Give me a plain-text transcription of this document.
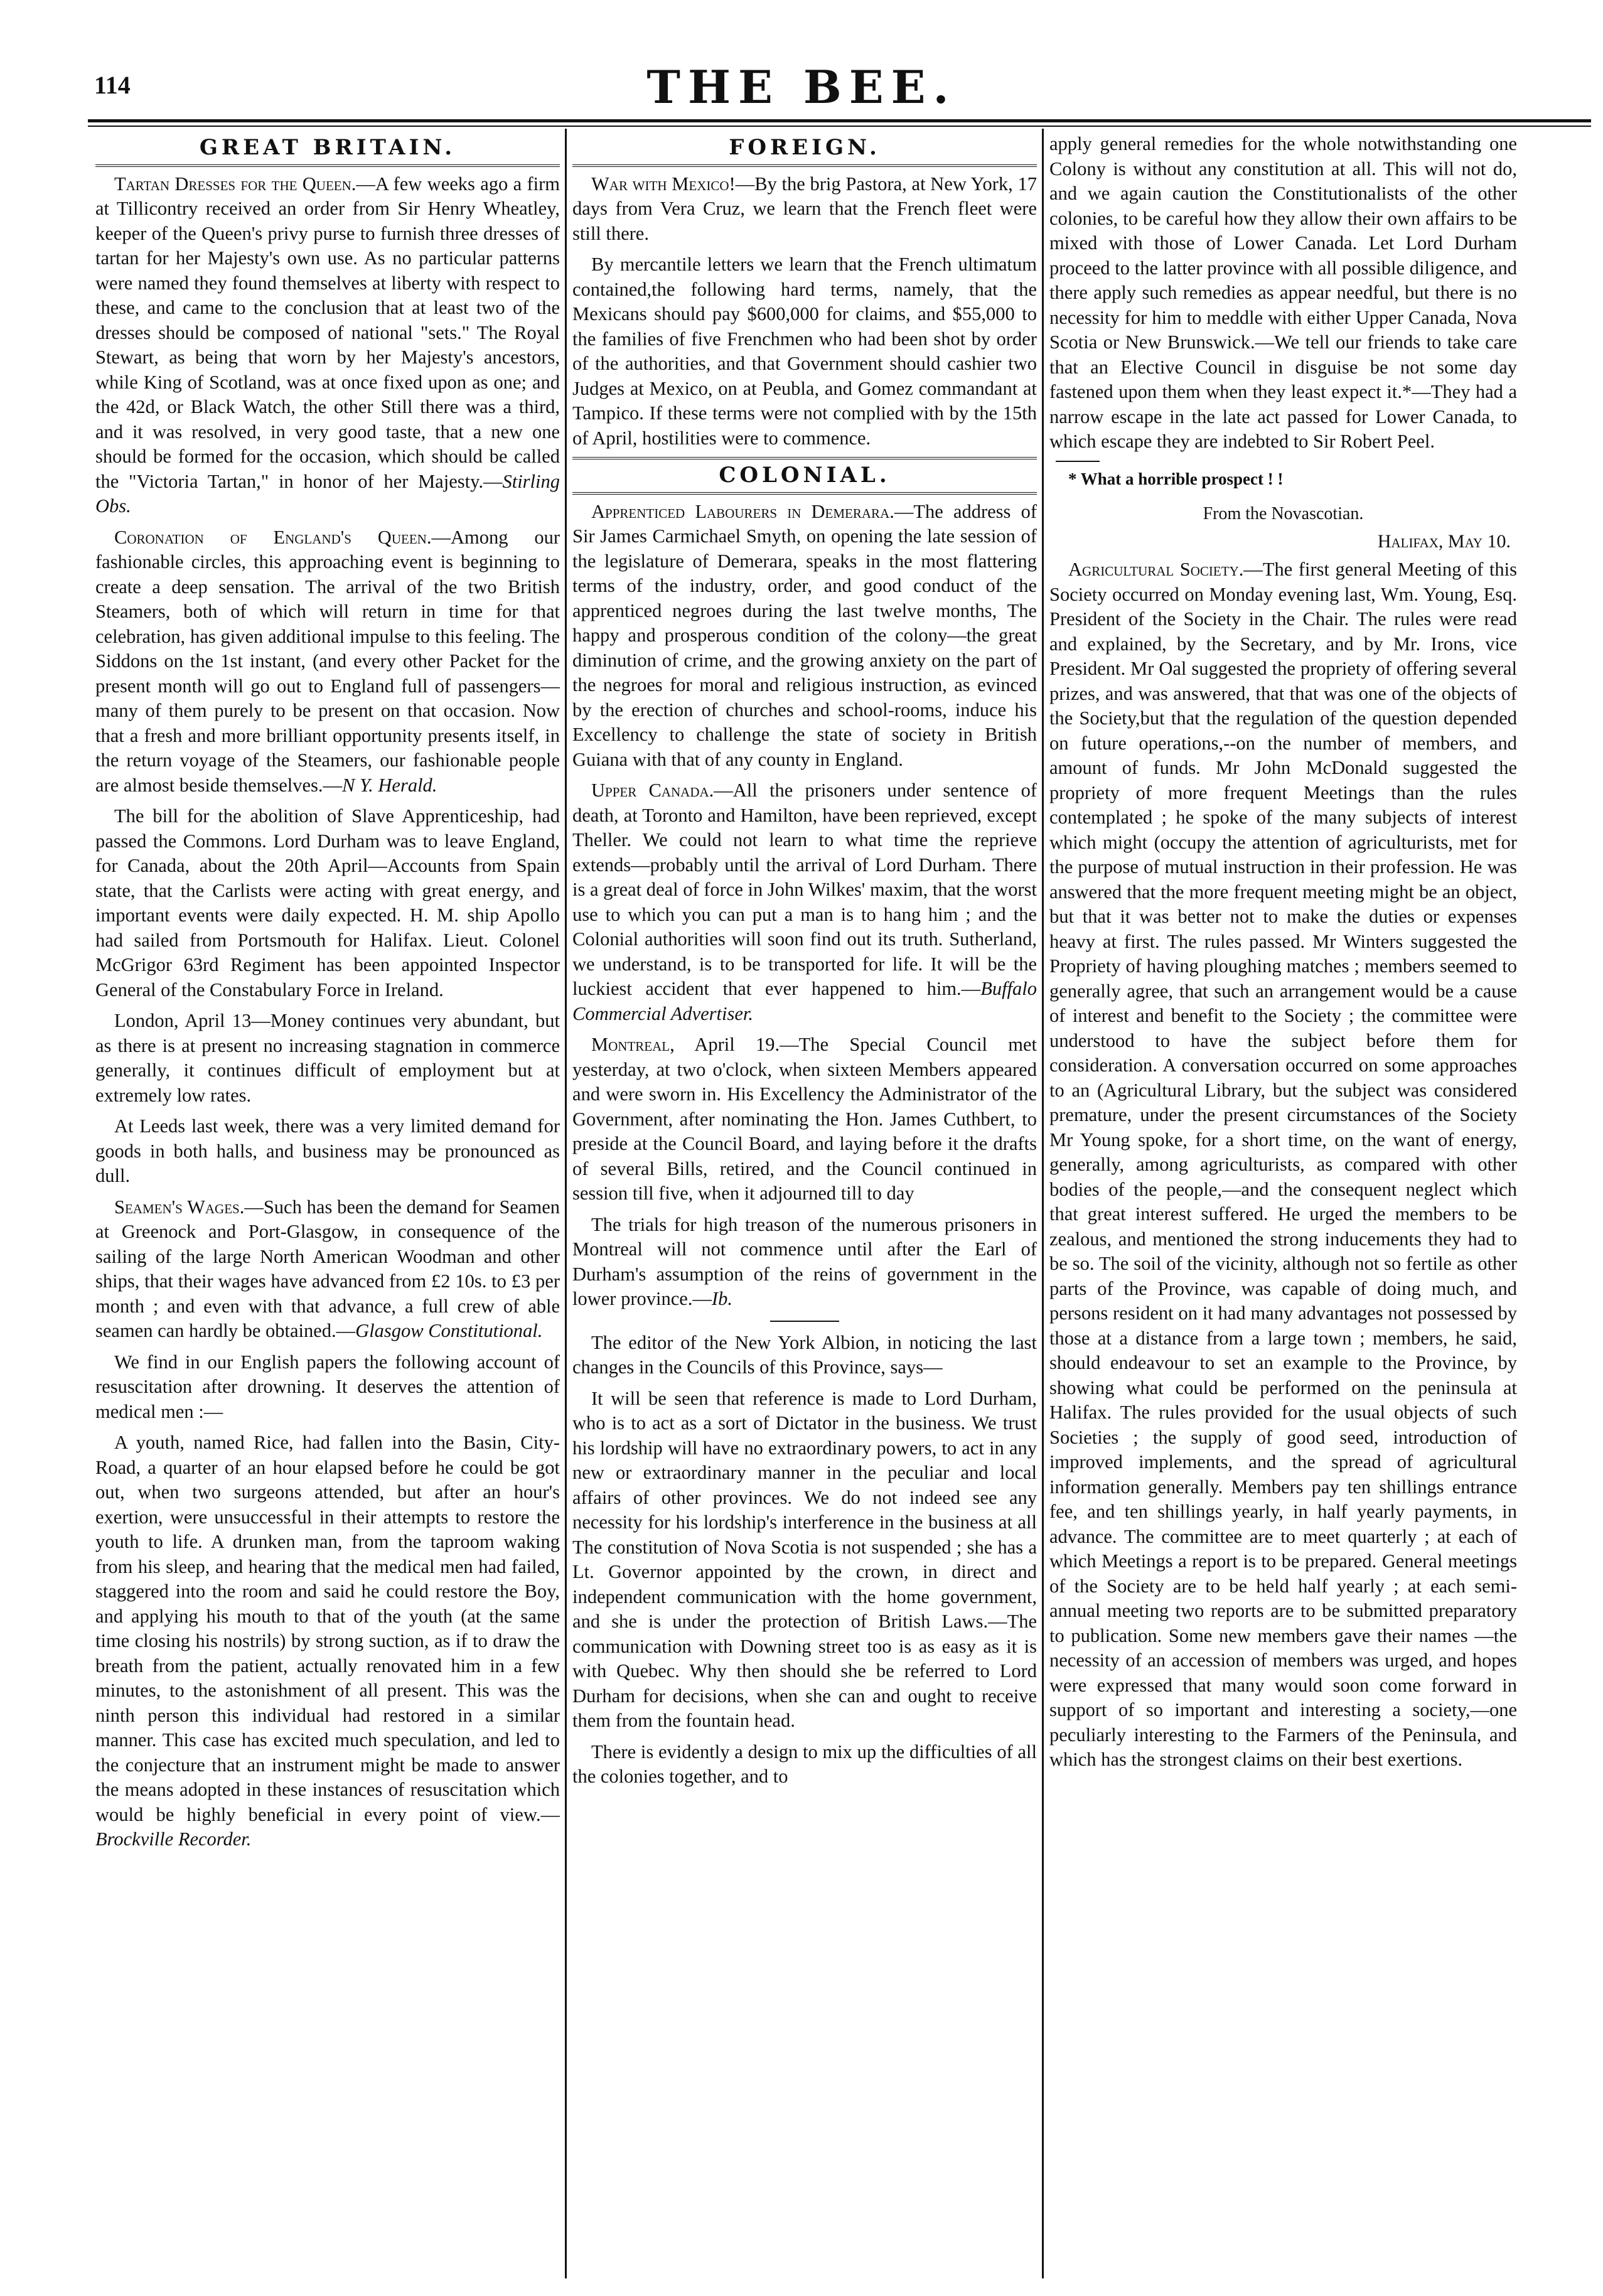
114	THE BEE.
GREAT BRITAIN.

Tartan Dresses for the Queen.—A few weeks ago a firm at Tillicontry received an order from Sir Henry Wheatley, keeper of the Queen's privy purse to furnish three dresses of tartan for her Majesty's own use. As no particular patterns were named they found themselves at liberty with respect to these, and came to the conclusion that at least two of the dresses should be composed of national "sets." The Royal Stewart, as being that worn by her Majesty's ancestors, while King of Scotland, was at once fixed upon as one; and the 42d, or Black Watch, the other Still there was a third, and it was resolved, in very good taste, that a new one should be formed for the occasion, which should be called the "Victoria Tartan," in honor of her Majesty.—Stirling Obs.

Coronation of England's Queen.—Among our fashionable circles, this approaching event is beginning to create a deep sensation. The arrival of the two British Steamers, both of which will return in time for that celebration, has given additional impulse to this feeling. The Siddons on the 1st instant, (and every other Packet for the present month will go out to England full of passengers—many of them purely to be present on that occasion. Now that a fresh and more brilliant opportunity presents itself, in the return voyage of the Steamers, our fashionable people are almost beside themselves.—N Y. Herald.

The bill for the abolition of Slave Apprenticeship, had passed the Commons. Lord Durham was to leave England, for Canada, about the 20th April—Accounts from Spain state, that the Carlists were acting with great energy, and important events were daily expected. H. M. ship Apollo had sailed from Portsmouth for Halifax. Lieut. Colonel McGrigor 63rd Regiment has been appointed Inspector General of the Constabulary Force in Ireland.

London, April 13—Money continues very abundant, but as there is at present no increasing stagnation in commerce generally, it continues difficult of employment but at extremely low rates.

At Leeds last week, there was a very limited demand for goods in both halls, and business may be pronounced as dull.

Seamen's Wages.—Such has been the demand for Seamen at Greenock and Port-Glasgow, in consequence of the sailing of the large North American Woodman and other ships, that their wages have advanced from £2 10s. to £3 per month ; and even with that advance, a full crew of able seamen can hardly be obtained.—Glasgow Constitutional.

We find in our English papers the following account of resuscitation after drowning. It deserves the attention of medical men :—

A youth, named Rice, had fallen into the Basin, City-Road, a quarter of an hour elapsed before he could be got out, when two surgeons attended, but after an hour's exertion, were unsuccessful in their attempts to restore the youth to life. A drunken man, from the taproom waking from his sleep, and hearing that the medical men had failed, staggered into the room and said he could restore the Boy, and applying his mouth to that of the youth (at the same time closing his nostrils) by strong suction, as if to draw the breath from the patient, actually renovated him in a few minutes, to the astonishment of all present. This was the ninth person this individual had restored in a similar manner. This case has excited much speculation, and led to the conjecture that an instrument might be made to answer the means adopted in these instances of resuscitation which would be highly beneficial in every point of view.—Brockville Recorder.

FOREIGN.

War with Mexico!—By the brig Pastora, at New York, 17 days from Vera Cruz, we learn that the French fleet were still there.

By mercantile letters we learn that the French ultimatum contained,the following hard terms, namely, that the Mexicans should pay $600,000 for claims, and $55,000 to the families of five Frenchmen who had been shot by order of the authorities, and that Government should cashier two Judges at Mexico, on at Peubla, and Gomez commandant at Tampico. If these terms were not complied with by the 15th of April, hostilities were to commence.

COLONIAL.

Apprenticed Labourers in Demerara.—The address of Sir James Carmichael Smyth, on opening the late session of the legislature of Demerara, speaks in the most flattering terms of the industry, order, and good conduct of the apprenticed negroes during the last twelve months, The happy and prosperous condition of the colony—the great diminution of crime, and the growing anxiety on the part of the negroes for moral and religious instruction, as evinced by the erection of churches and school-rooms, induce his Excellency to challenge the state of society in British Guiana with that of any county in England.

Upper Canada.—All the prisoners under sentence of death, at Toronto and Hamilton, have been reprieved, except Theller. We could not learn to what time the reprieve extends—probably until the arrival of Lord Durham. There is a great deal of force in John Wilkes' maxim, that the worst use to which you can put a man is to hang him ; and the Colonial authorities will soon find out its truth. Sutherland, we understand, is to be transported for life. It will be the luckiest accident that ever happened to him.—Buffalo Commercial Advertiser.

Montreal, April 19.—The Special Council met yesterday, at two o'clock, when sixteen Members appeared and were sworn in. His Excellency the Administrator of the Government, after nominating the Hon. James Cuthbert, to preside at the Council Board, and laying before it the drafts of several Bills, retired, and the Council continued in session till five, when it adjourned till to day

The trials for high treason of the numerous prisoners in Montreal will not commence until after the Earl of Durham's assumption of the reins of government in the lower province.—Ib.

The editor of the New York Albion, in noticing the last changes in the Councils of this Province, says—

It will be seen that reference is made to Lord Durham, who is to act as a sort of Dictator in the business. We trust his lordship will have no extraordinary powers, to act in any new or extraordinary manner in the peculiar and local affairs of other provinces. We do not indeed see any necessity for his lordship's interference in the business at all The constitution of Nova Scotia is not suspended ; she has a Lt. Governor appointed by the crown, in direct and independent communication with the home government, and she is under the protection of British Laws.—The communication with Downing street too is as easy as it is with Quebec. Why then should she be referred to Lord Durham for decisions, when she can and ought to receive them from the fountain head.

There is evidently a design to mix up the difficulties of all the colonies together, and to

apply general remedies for the whole notwithstanding one Colony is without any constitution at all. This will not do, and we again caution the Constitutionalists of the other colonies, to be careful how they allow their own affairs to be mixed with those of Lower Canada. Let Lord Durham proceed to the latter province with all possible diligence, and there apply such remedies as appear needful, but there is no necessity for him to meddle with either Upper Canada, Nova Scotia or New Brunswick.—We tell our friends to take care that an Elective Council in disguise be not some day fastened upon them when they least expect it.*—They had a narrow escape in the late act passed for Lower Canada, to which escape they are indebted to Sir Robert Peel.

* What a horrible prospect ! !
From the Novascotian.
Halifax, May 10.

Agricultural Society.—The first general Meeting of this Society occurred on Monday evening last, Wm. Young, Esq. President of the Society in the Chair. The rules were read and explained, by the Secretary, and by Mr. Irons, vice President. Mr Oal suggested the propriety of offering several prizes, and was answered, that that was one of the objects of the Society,but that the regulation of the question depended on future operations,--on the number of members, and amount of funds. Mr John McDonald suggested the propriety of more frequent Meetings than the rules contemplated ; he spoke of the many subjects of interest which might (occupy the attention of agriculturists, met for the purpose of mutual instruction in their profession. He was answered that the more frequent meeting might be an object, but that it was better not to make the duties or expenses heavy at first. The rules passed. Mr Winters suggested the Propriety of having ploughing matches ; members seemed to generally agree, that such an arrangement would be a cause of interest and benefit to the Society ; the committee were understood to have the subject before them for consideration. A conversation occurred on some approaches to an (Agricultural Library, but the subject was considered premature, under the present circumstances of the Society Mr Young spoke, for a short time, on the want of energy, generally, among agriculturists, as compared with other bodies of the people,—and the consequent neglect which that great interest suffered. He urged the members to be zealous, and mentioned the strong inducements they had to be so. The soil of the vicinity, although not so fertile as other parts of the Province, was capable of doing much, and persons resident on it had many advantages not possessed by those at a distance from a large town ; members, he said, should endeavour to set an example to the Province, by showing what could be performed on the peninsula at Halifax. The rules provided for the usual objects of such Societies ; the supply of good seed, introduction of improved implements, and the spread of agricultural information generally. Members pay ten shillings entrance fee, and ten shillings yearly, in half yearly payments, in advance. The committee are to meet quarterly ; at each of which Meetings a report is to be prepared. General meetings of the Society are to be held half yearly ; at each semi-annual meeting two reports are to be submitted preparatory to publication. Some new members gave their names —the necessity of an accession of members was urged, and hopes were expressed that many would soon come forward in support of so important and interesting a society,—one peculiarly interesting to the Farmers of the Peninsula, and which has the strongest claims on their best exertions.
